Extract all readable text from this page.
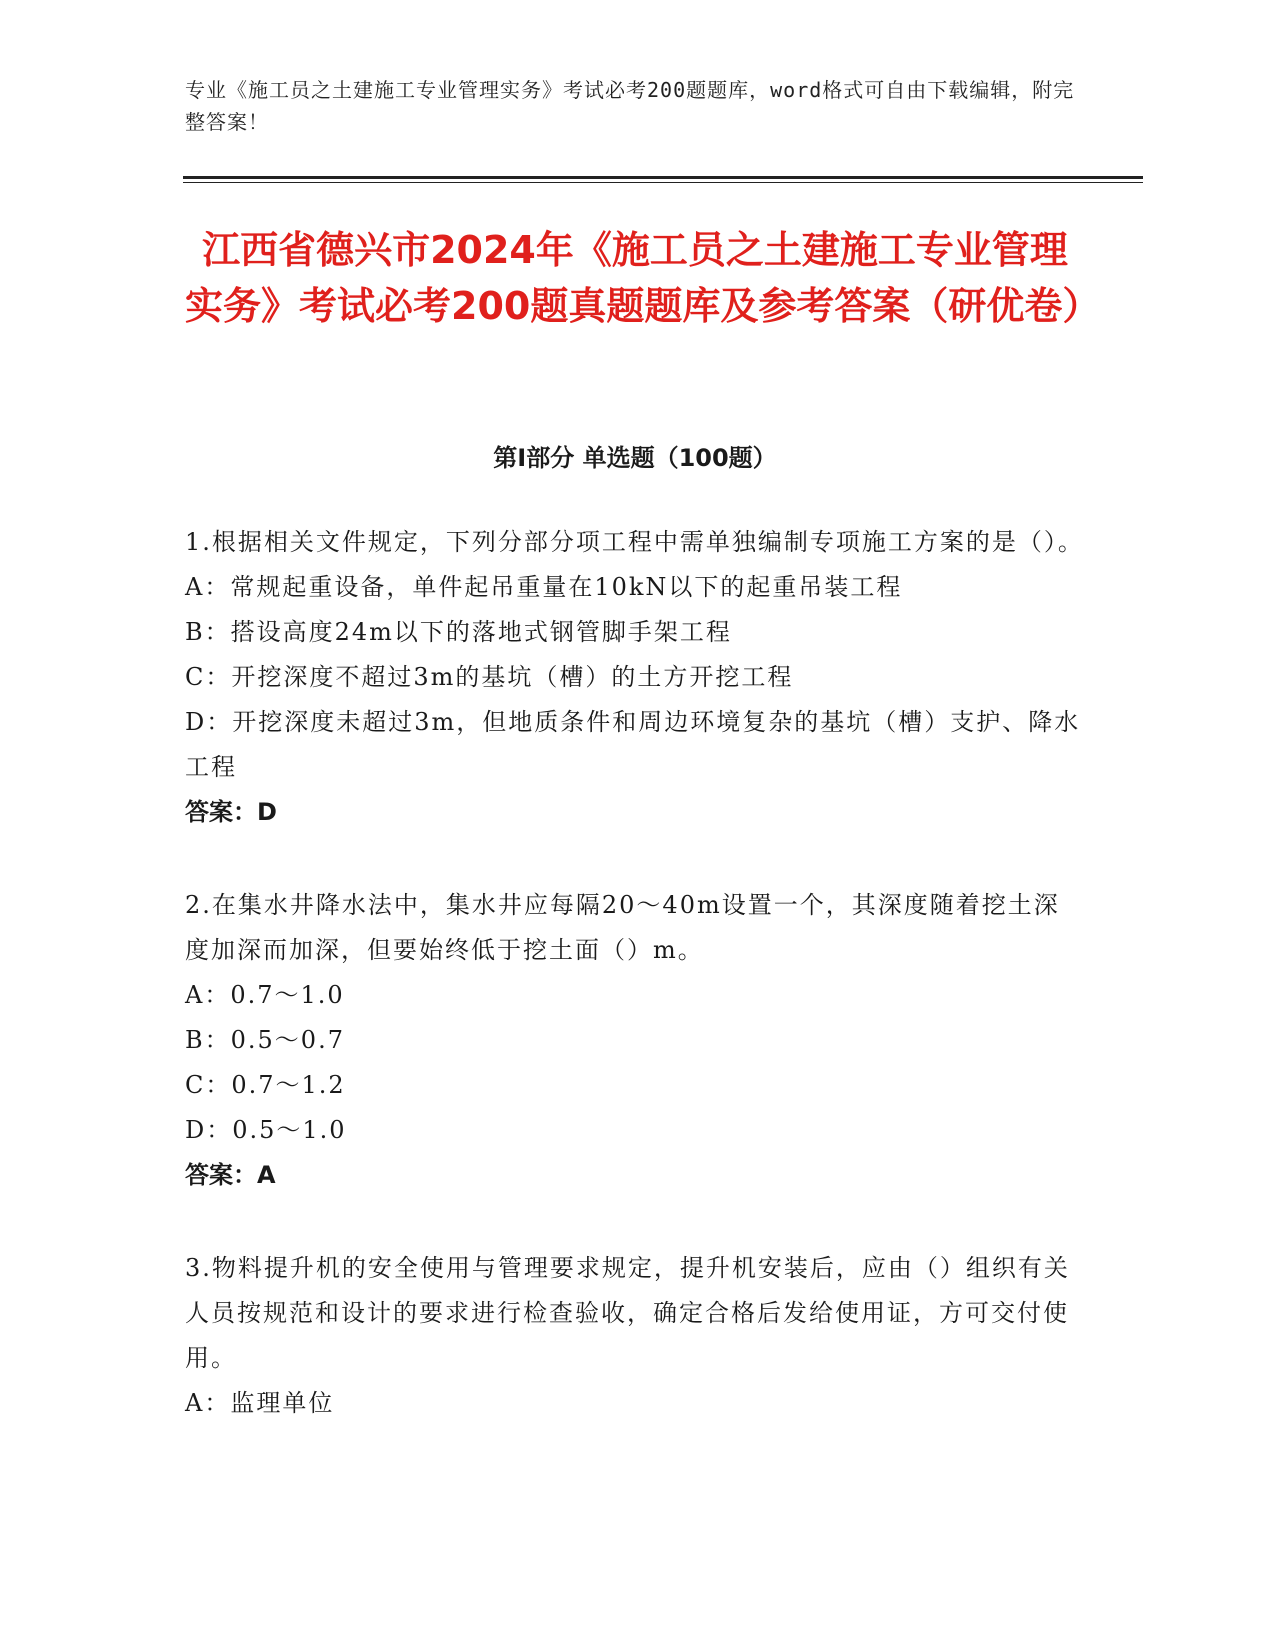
专业《施工员之土建施工专业管理实务》考试必考200题题库，word格式可自由下载编辑，附完整答案！
江西省德兴市2024年《施工员之土建施工专业管理实务》考试必考200题真题题库及参考答案（研优卷）
第Ⅰ部分 单选题（100题）
1.根据相关文件规定，下列分部分项工程中需单独编制专项施工方案的是（）。
A：常规起重设备，单件起吊重量在10kN以下的起重吊装工程
B：搭设高度24m以下的落地式钢管脚手架工程
C：开挖深度不超过3m的基坑（槽）的土方开挖工程
D：开挖深度未超过3m，但地质条件和周边环境复杂的基坑（槽）支护、降水工程
答案：D
2.在集水井降水法中，集水井应每隔20～40m设置一个，其深度随着挖土深度加深而加深，但要始终低于挖土面（）m。
A：0.7～1.0
B：0.5～0.7
C：0.7～1.2
D：0.5～1.0
答案：A
3.物料提升机的安全使用与管理要求规定，提升机安装后，应由（）组织有关人员按规范和设计的要求进行检查验收，确定合格后发给使用证，方可交付使用。
A：监理单位
